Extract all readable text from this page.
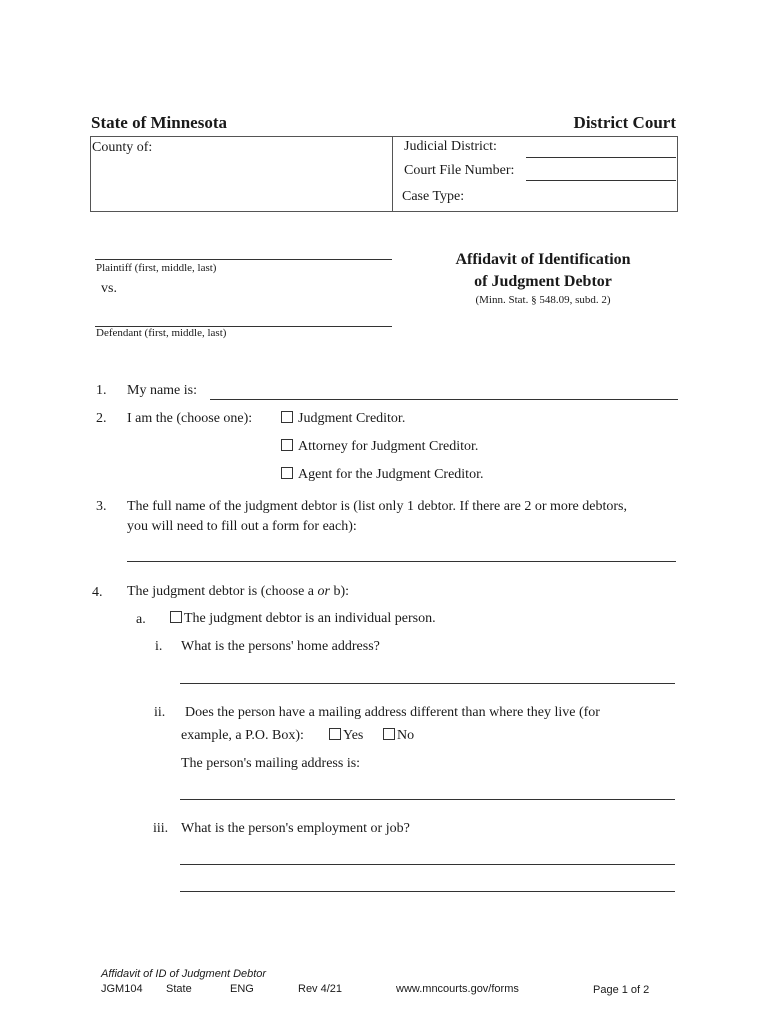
State of Minnesota	District Court
County of:	Judicial District:
Court File Number:
Case Type:
Plaintiff (first, middle, last)
vs.
Defendant (first, middle, last)
Affidavit of Identification
of Judgment Debtor
(Minn. Stat. § 548.09, subd. 2)
1. My name is:
2. I am the (choose one):	Judgment Creditor.
Attorney for Judgment Creditor.
Agent for the Judgment Creditor.
3. The full name of the judgment debtor is (list only 1 debtor. If there are 2 or more debtors,
you will need to fill out a form for each):
4. The judgment debtor is (choose a or b):
a.	The judgment debtor is an individual person.
i. What is the persons' home address?
ii. Does the person have a mailing address different than where they live (for
example, a P.O. Box):	Yes	No
The person's mailing address is:
iii. What is the person's employment or job?
Affidavit of ID of Judgment Debtor
JGM104 State	ENG	Rev 4/21	www.mncourts.gov/forms	Page 1 of 2
